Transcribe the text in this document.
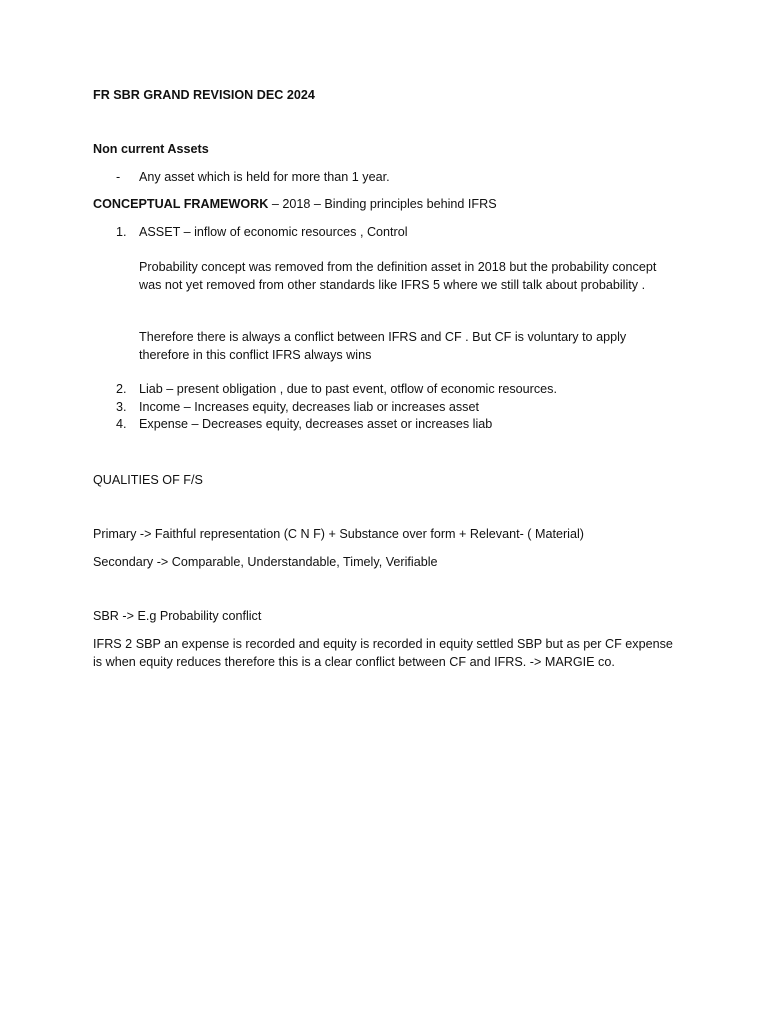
FR SBR GRAND REVISION DEC 2024
Non current Assets
- Any asset which is held for more than 1 year.
CONCEPTUAL FRAMEWORK – 2018 – Binding principles behind IFRS
1. ASSET – inflow of economic resources , Control
Probability concept was removed from the definition asset in 2018 but the probability concept was not yet removed from other standards like IFRS 5 where we still talk about probability .
Therefore there is always a conflict between IFRS and CF . But CF is voluntary to apply therefore in this conflict IFRS always wins
2. Liab – present obligation , due to past event, otflow of economic resources.
3. Income – Increases equity, decreases liab or increases asset
4. Expense – Decreases equity, decreases asset or increases liab
QUALITIES OF F/S
Primary -> Faithful representation (C N F) + Substance over form + Relevant- ( Material)
Secondary -> Comparable, Understandable, Timely, Verifiable
SBR -> E.g Probability conflict
IFRS 2 SBP an expense is recorded and equity is recorded in equity settled SBP but as per CF expense is when equity reduces therefore this is a clear conflict between CF and IFRS. -> MARGIE co.
